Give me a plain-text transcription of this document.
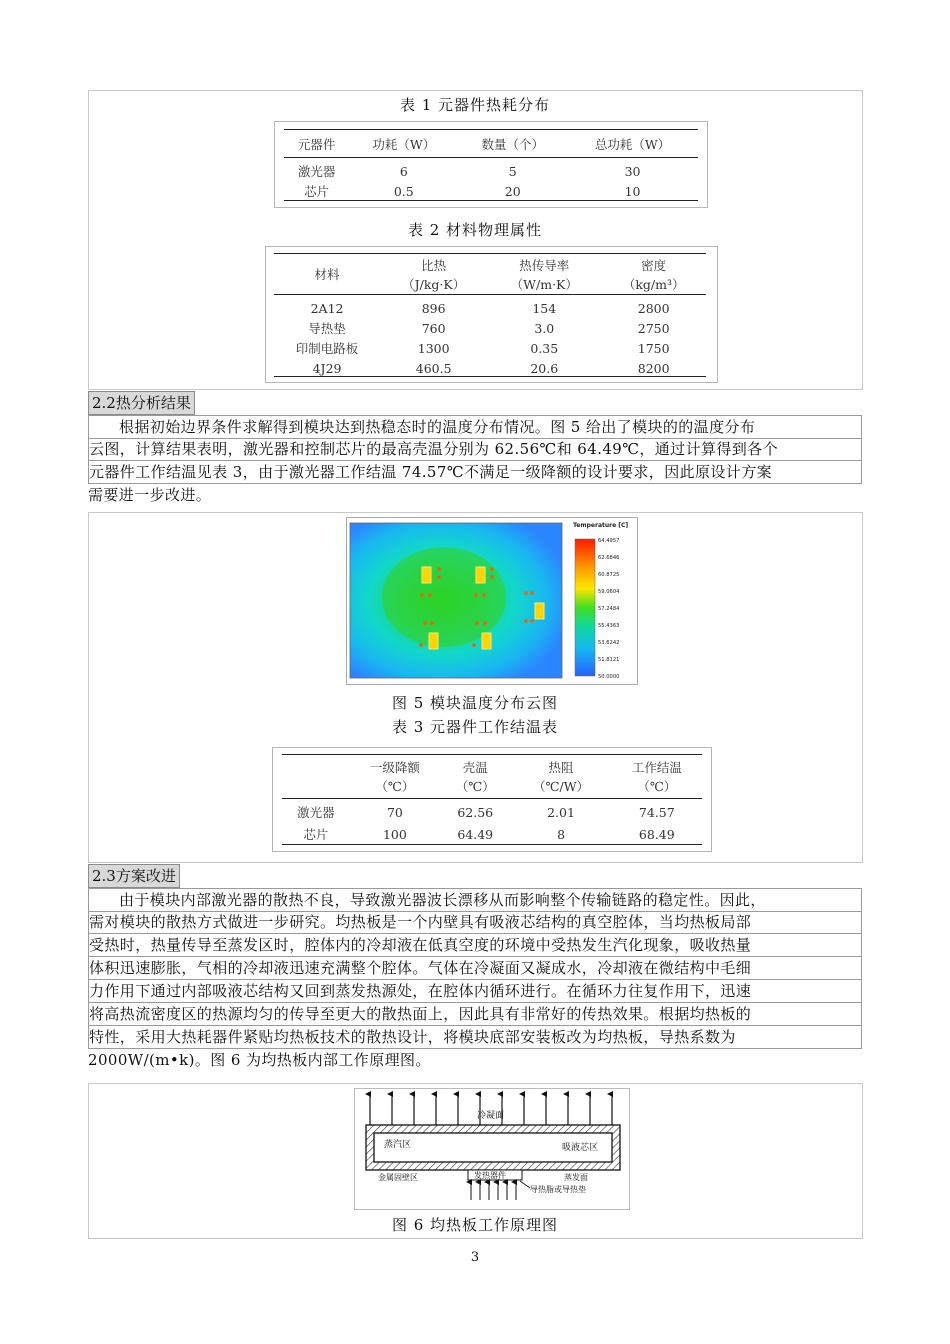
表 1 元器件热耗分布
元器件	功耗（W）	数量（个）	总功耗（W）

激光器	6	5	30
芯片	0.5	20	10
表 2 材料物理属性
材料	比热	热传导率	密度
	（J/kg·K）	（W/m·K）	（kg/m³）

2A12	896	154	2800
导热垫	760	3.0	2750
印制电路板	1300	0.35	1750
4J29	460.5	20.6	8200
2.2热分析结果
根据初始边界条件求解得到模块达到热稳态时的温度分布情况。图 5 给出了模块的的温度分布
云图，计算结果表明，激光器和控制芯片的最高壳温分别为 62.56℃和 64.49℃，通过计算得到各个
元器件工作结温见表 3，由于激光器工作结温 74.57℃不满足一级降额的设计要求，因此原设计方案
需要进一步改进。
Temperature [C]
64.4957
62.6846
60.8725
59.0604
57.2484
55.4363
53.6242
51.8121
50.0000
图 5 模块温度分布云图
表 3 元器件工作结温表
	一级降额	壳温	热阻	工作结温
	（℃）	（℃）	（℃/W）	（℃）

激光器	70	62.56	2.01	74.57
芯片	100	64.49	8	68.49
2.3方案改进
由于模块内部激光器的散热不良，导致激光器波长漂移从而影响整个传输链路的稳定性。因此，
需对模块的散热方式做进一步研究。均热板是一个内壁具有吸液芯结构的真空腔体，当均热板局部
受热时，热量传导至蒸发区时，腔体内的冷却液在低真空度的环境中受热发生汽化现象，吸收热量
体积迅速膨胀，气相的冷却液迅速充满整个腔体。气体在冷凝面又凝成水，冷却液在微结构中毛细
力作用下通过内部吸液芯结构又回到蒸发热源处，在腔体内循环进行。在循环力往复作用下，迅速
将高热流密度区的热源均匀的传导至更大的散热面上，因此具有非常好的传热效果。根据均热板的
特性，采用大热耗器件紧贴均热板技术的散热设计，将模块底部安装板改为均热板，导热系数为
2000W/(m•k)。图 6 为均热板内部工作原理图。
冷凝面
蒸汽区	吸液芯区
发热器件
金属固壁区	蒸发面
导热脂或导热垫
图 6 均热板工作原理图
3
